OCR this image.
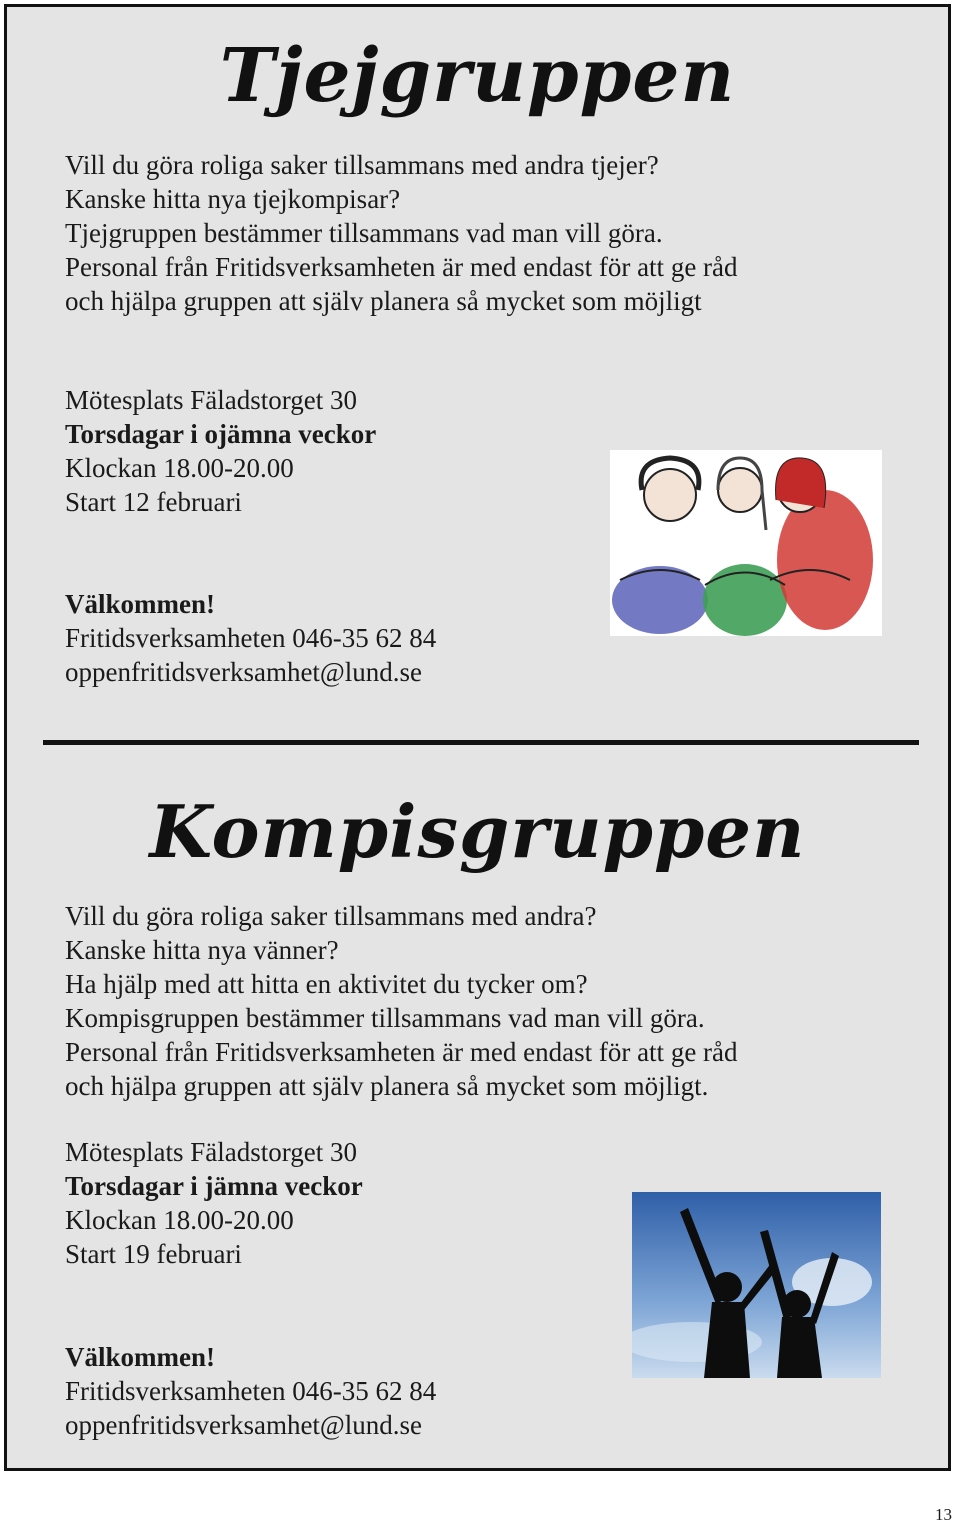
Tjejgruppen
Vill du göra roliga saker tillsammans med andra tjejer?
Kanske hitta nya tjejkompisar?
Tjejgruppen bestämmer tillsammans vad man vill göra.
Personal från Fritidsverksamheten är med endast för att ge råd
och hjälpa gruppen att själv planera så mycket som möjligt
Mötesplats Fäladstorget 30
Torsdagar i ojämna veckor
Klockan 18.00-20.00
Start 12 februari
Välkommen!
Fritidsverksamheten 046-35 62 84
oppenfritidsverksamhet@lund.se
Kompisgruppen
Vill du göra roliga saker tillsammans med andra?
Kanske hitta nya vänner?
Ha hjälp med att hitta en aktivitet du tycker om?
Kompisgruppen bestämmer tillsammans vad man vill göra.
Personal från Fritidsverksamheten är med endast för att ge råd
och hjälpa gruppen att själv planera så mycket som möjligt.
Mötesplats Fäladstorget 30
Torsdagar i jämna veckor
Klockan 18.00-20.00
Start 19 februari
Välkommen!
Fritidsverksamheten 046-35 62 84
oppenfritidsverksamhet@lund.se
13
